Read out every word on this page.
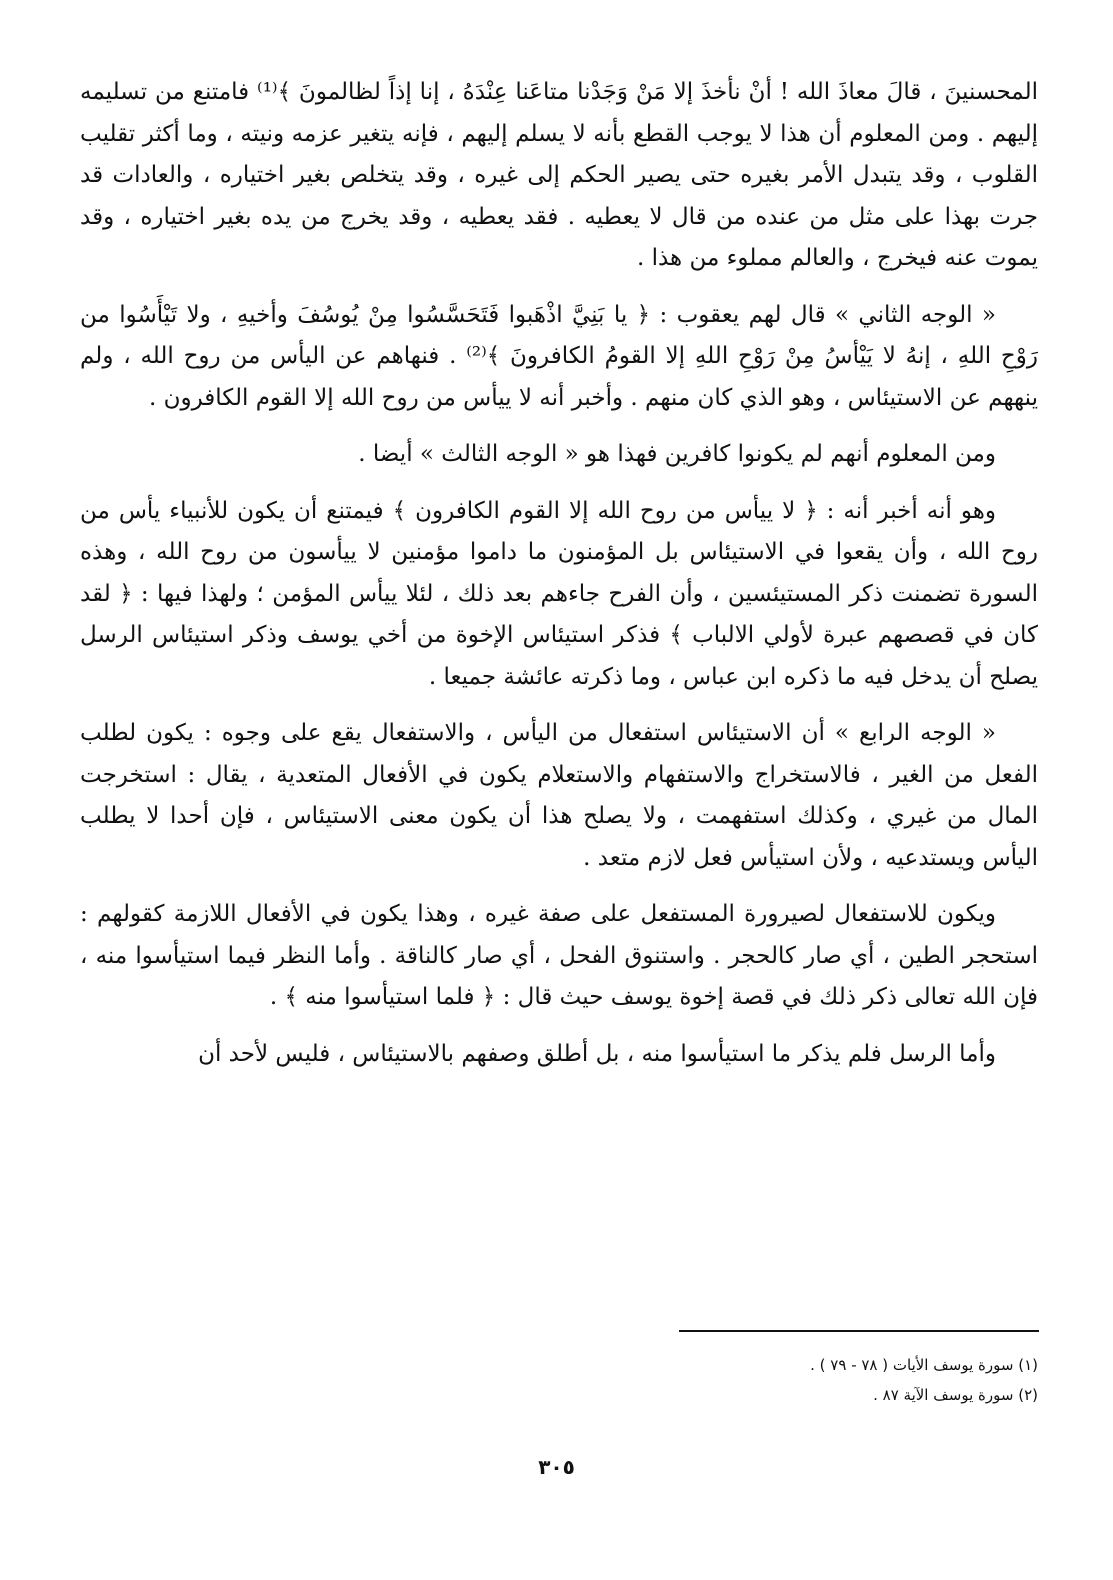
المحسنينَ ، قالَ معاذَ الله ! أنْ نأخذَ إلا مَنْ وَجَدْنا متاعَنا عِنْدَهُ ، إنا إذاً لظالمونَ ﴾⁽¹⁾ فامتنع من تسليمه إليهم . ومن المعلوم أن هذا لا يوجب القطع بأنه لا يسلم إليهم ، فإنه يتغير عزمه ونيته ، وما أكثر تقليب القلوب ، وقد يتبدل الأمر بغيره حتى يصير الحكم إلى غيره ، وقد يتخلص بغير اختياره ، والعادات قد جرت بهذا على مثل من عنده من قال لا يعطيه . فقد يعطيه ، وقد يخرج من يده بغير اختياره ، وقد يموت عنه فيخرج ، والعالم مملوء من هذا .

« الوجه الثاني » قال لهم يعقوب : ﴿ يا بَنِيَّ اذْهَبوا فَتَحَسَّسُوا مِنْ يُوسُفَ وأخيهِ ، ولا تَيْأَسُوا من رَوْحِ اللهِ ، إنهُ لا يَيْأسُ مِنْ رَوْحِ اللهِ إلا القومُ الكافرونَ ﴾⁽²⁾ . فنهاهم عن اليأس من روح الله ، ولم ينههم عن الاستيئاس ، وهو الذي كان منهم . وأخبر أنه لا ييأس من روح الله إلا القوم الكافرون .

ومن المعلوم أنهم لم يكونوا كافرين فهذا هو « الوجه الثالث » أيضا .

وهو أنه أخبر أنه : ﴿ لا ييأس من روح الله إلا القوم الكافرون ﴾ فيمتنع أن يكون للأنبياء يأس من روح الله ، وأن يقعوا في الاستيئاس بل المؤمنون ما داموا مؤمنين لا ييأسون من روح الله ، وهذه السورة تضمنت ذكر المستيئسين ، وأن الفرح جاءهم بعد ذلك ، لئلا ييأس المؤمن ؛ ولهذا فيها : ﴿ لقد كان في قصصهم عبرة لأولي الالباب ﴾ فذكر استيئاس الإخوة من أخي يوسف وذكر استيئاس الرسل يصلح أن يدخل فيه ما ذكره ابن عباس ، وما ذكرته عائشة جميعا .

« الوجه الرابع » أن الاستيئاس استفعال من اليأس ، والاستفعال يقع على وجوه : يكون لطلب الفعل من الغير ، فالاستخراج والاستفهام والاستعلام يكون في الأفعال المتعدية ، يقال : استخرجت المال من غيري ، وكذلك استفهمت ، ولا يصلح هذا أن يكون معنى الاستيئاس ، فإن أحدا لا يطلب اليأس ويستدعيه ، ولأن استيأس فعل لازم متعد .

ويكون للاستفعال لصيرورة المستفعل على صفة غيره ، وهذا يكون في الأفعال اللازمة كقولهم : استحجر الطين ، أي صار كالحجر . واستنوق الفحل ، أي صار كالناقة . وأما النظر فيما استيأسوا منه ، فإن الله تعالى ذكر ذلك في قصة إخوة يوسف حيث قال : ﴿ فلما استيأسوا منه ﴾ .

وأما الرسل فلم يذكر ما استيأسوا منه ، بل أطلق وصفهم بالاستيئاس ، فليس لأحد أن

(١) سورة يوسف الأيات ( ٧٨ - ٧٩ ) .

(٢) سورة يوسف الآية ٨٧ .

٣٠٥
